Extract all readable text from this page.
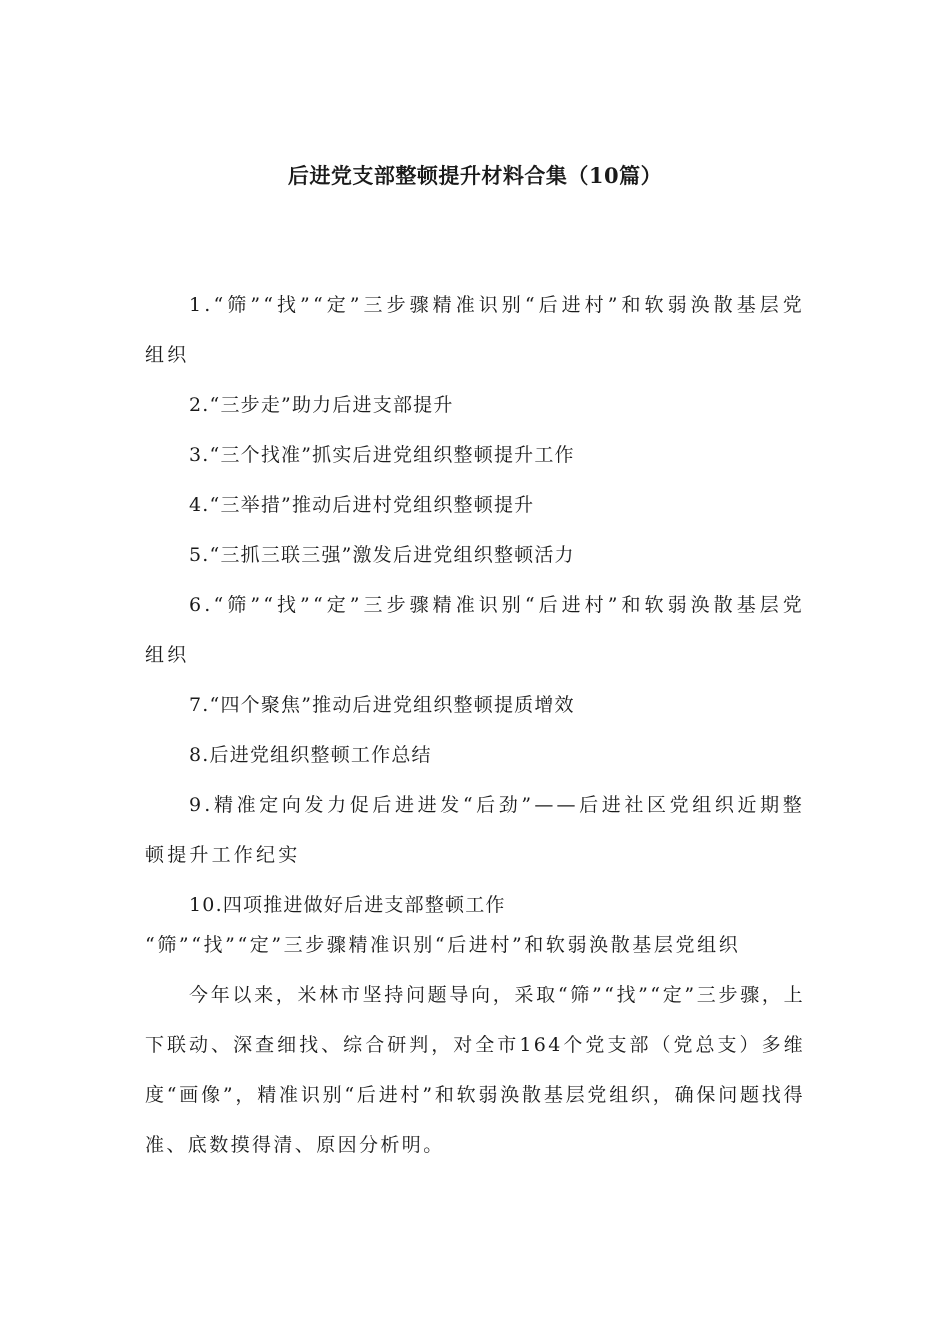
后进党支部整顿提升材料合集（10篇）
1.“筛”“找”“定”三步骤精准识别“后进村”和软弱涣散基层党组织
2.“三步走”助力后进支部提升
3.“三个找准”抓实后进党组织整顿提升工作
4.“三举措”推动后进村党组织整顿提升
5.“三抓三联三强”激发后进党组织整顿活力
6.“筛”“找”“定”三步骤精准识别“后进村”和软弱涣散基层党组织
7.“四个聚焦”推动后进党组织整顿提质增效
8.后进党组织整顿工作总结
9.精准定向发力促后进进发“后劲”——后进社区党组织近期整顿提升工作纪实
10.四项推进做好后进支部整顿工作

“筛”“找”“定”三步骤精准识别“后进村”和软弱涣散基层党组织

今年以来，米林市坚持问题导向，采取“筛”“找”“定”三步骤，上下联动、深查细找、综合研判，对全市164个党支部（党总支）多维度“画像”，精准识别“后进村”和软弱涣散基层党组织，确保问题找得准、底数摸得清、原因分析明。
